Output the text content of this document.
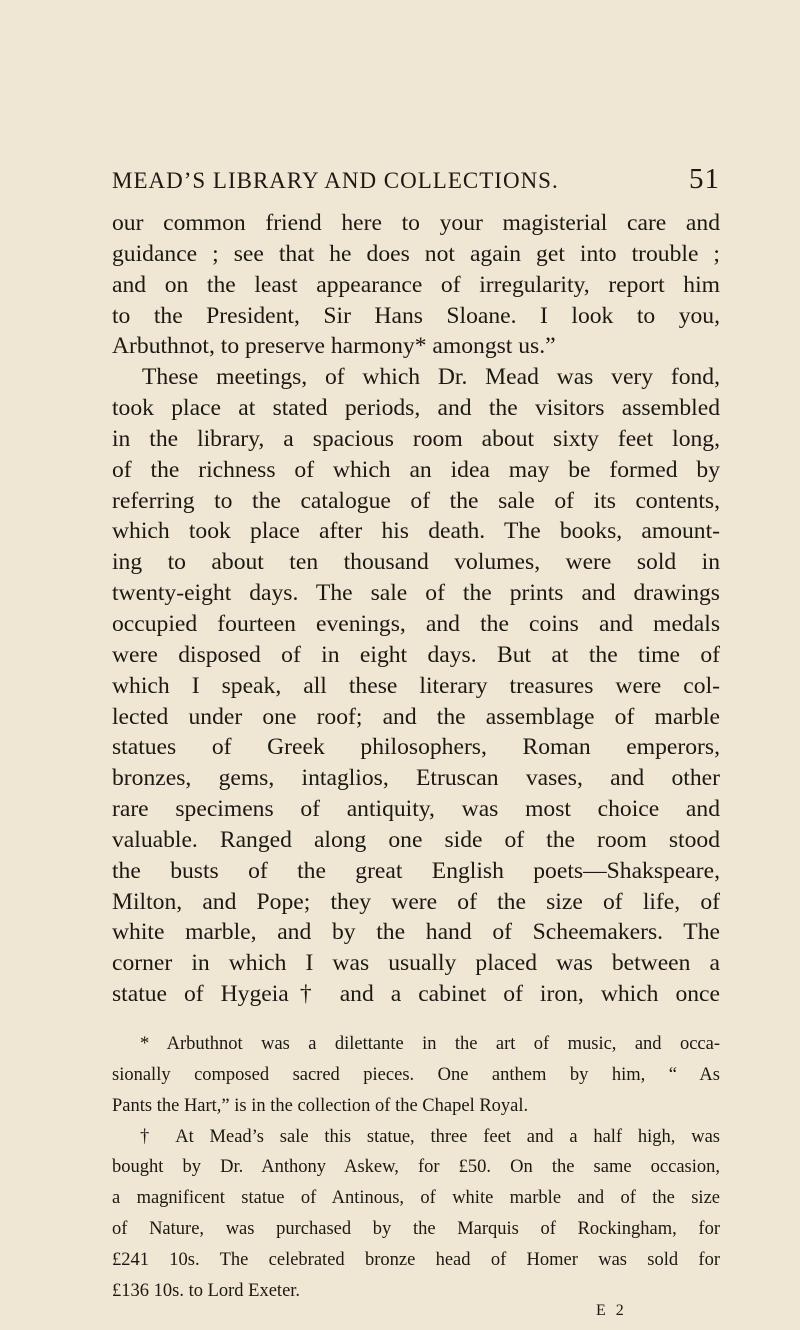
MEAD’S LIBRARY AND COLLECTIONS.	51
our common friend here to your magisterial care and
guidance ; see that he does not again get into trouble ;
and on the least appearance of irregularity, report him
to the President, Sir Hans Sloane. I look to you,
Arbuthnot, to preserve harmony* amongst us.”
These meetings, of which Dr. Mead was very fond,
took place at stated periods, and the visitors assembled
in the library, a spacious room about sixty feet long,
of the richness of which an idea may be formed by
referring to the catalogue of the sale of its contents,
which took place after his death. The books, amount-
ing to about ten thousand volumes, were sold in
twenty-eight days. The sale of the prints and drawings
occupied fourteen evenings, and the coins and medals
were disposed of in eight days. But at the time of
which I speak, all these literary treasures were col-
lected under one roof; and the assemblage of marble
statues of Greek philosophers, Roman emperors,
bronzes, gems, intaglios, Etruscan vases, and other
rare specimens of antiquity, was most choice and
valuable. Ranged along one side of the room stood
the busts of the great English poets—Shakspeare,
Milton, and Pope; they were of the size of life, of
white marble, and by the hand of Scheemakers. The
corner in which I was usually placed was between a
statue of Hygeia† and a cabinet of iron, which once
* Arbuthnot was a dilettante in the art of music, and occa-
sionally composed sacred pieces. One anthem by him, “ As
Pants the Hart,” is in the collection of the Chapel Royal.
† At Mead’s sale this statue, three feet and a half high, was
bought by Dr. Anthony Askew, for £50. On the same occasion,
a magnificent statue of Antinous, of white marble and of the size
of Nature, was purchased by the Marquis of Rockingham, for
£241 10s. The celebrated bronze head of Homer was sold for
£136 10s. to Lord Exeter.
E 2
